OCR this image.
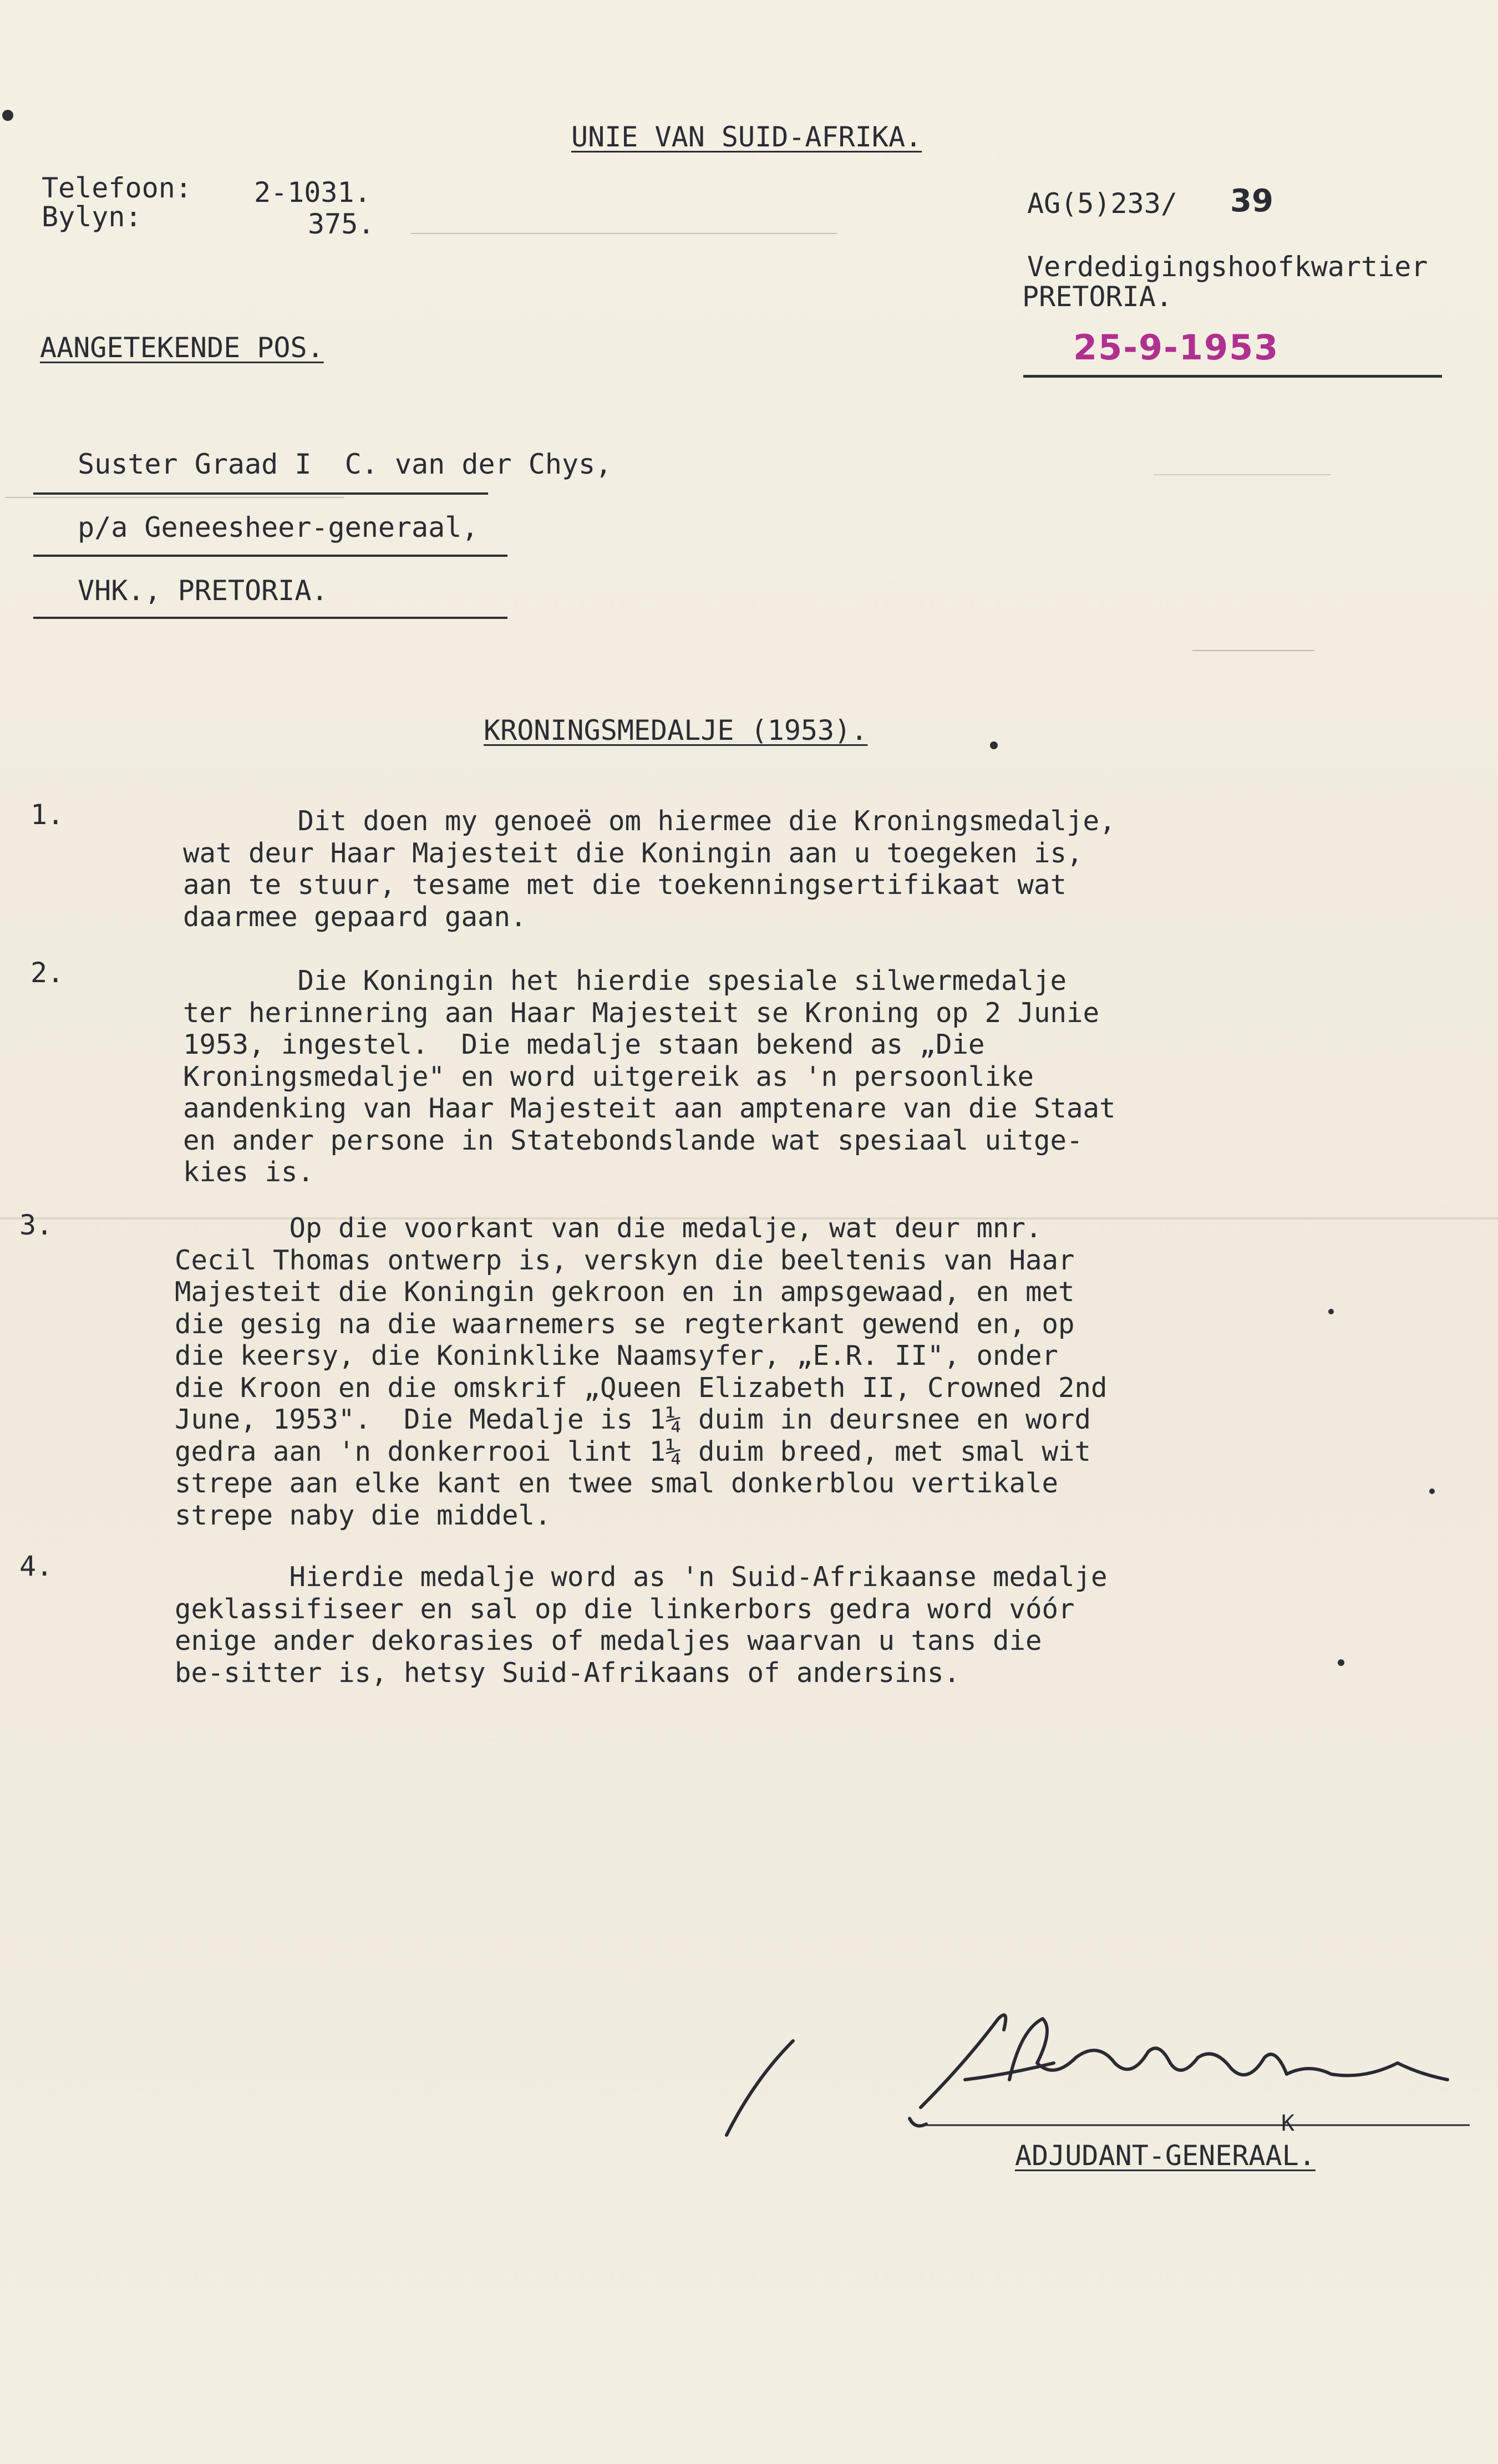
UNIE VAN SUID-AFRIKA.
Telefoon: 2-1031.
Bylyn:	375.
AG(5)233/ 39
Verdedigingshoofkwartier
PRETORIA.
25-9-1953
AANGETEKENDE POS.
Suster Graad I  C. van der Chys,
p/a Geneesheer-generaal,
VHK., PRETORIA.
KRONINGSMEDALJE (1953).
1.	Dit doen my genoeë om hiermee die Kroningsmedalje,
wat deur Haar Majesteit die Koningin aan u toegeken is,
aan te stuur, tesame met die toekenningsertifikaat wat
daarmee gepaard gaan.
2.	Die Koningin het hierdie spesiale silwermedalje
ter herinnering aan Haar Majesteit se Kroning op 2 Junie
1953, ingestel.  Die medalje staan bekend as „Die
Kroningsmedalje" en word uitgereik as 'n persoonlike
aandenking van Haar Majesteit aan amptenare van die Staat
en ander persone in Statebondslande wat spesiaal uitge-
kies is.
3.	Op die voorkant van die medalje, wat deur mnr.
Cecil Thomas ontwerp is, verskyn die beeltenis van Haar
Majesteit die Koningin gekroon en in ampsgewaad, en met
die gesig na die waarnemers se regterkant gewend en, op
die keersy, die Koninklike Naamsyfer, „E.R. II", onder
die Kroon en die omskrif „Queen Elizabeth II, Crowned 2nd
June, 1953".  Die Medalje is 1¼ duim in deursnee en word
gedra aan 'n donkerrooi lint 1¼ duim breed, met smal wit
strepe aan elke kant en twee smal donkerblou vertikale
strepe naby die middel.
4.	Hierdie medalje word as 'n Suid-Afrikaanse medalje
geklassifiseer en sal op die linkerbors gedra word vóór
enige ander dekorasies of medaljes waarvan u tans die
be-sitter is, hetsy Suid-Afrikaans of andersins.
K
ADJUDANT-GENERAAL.
